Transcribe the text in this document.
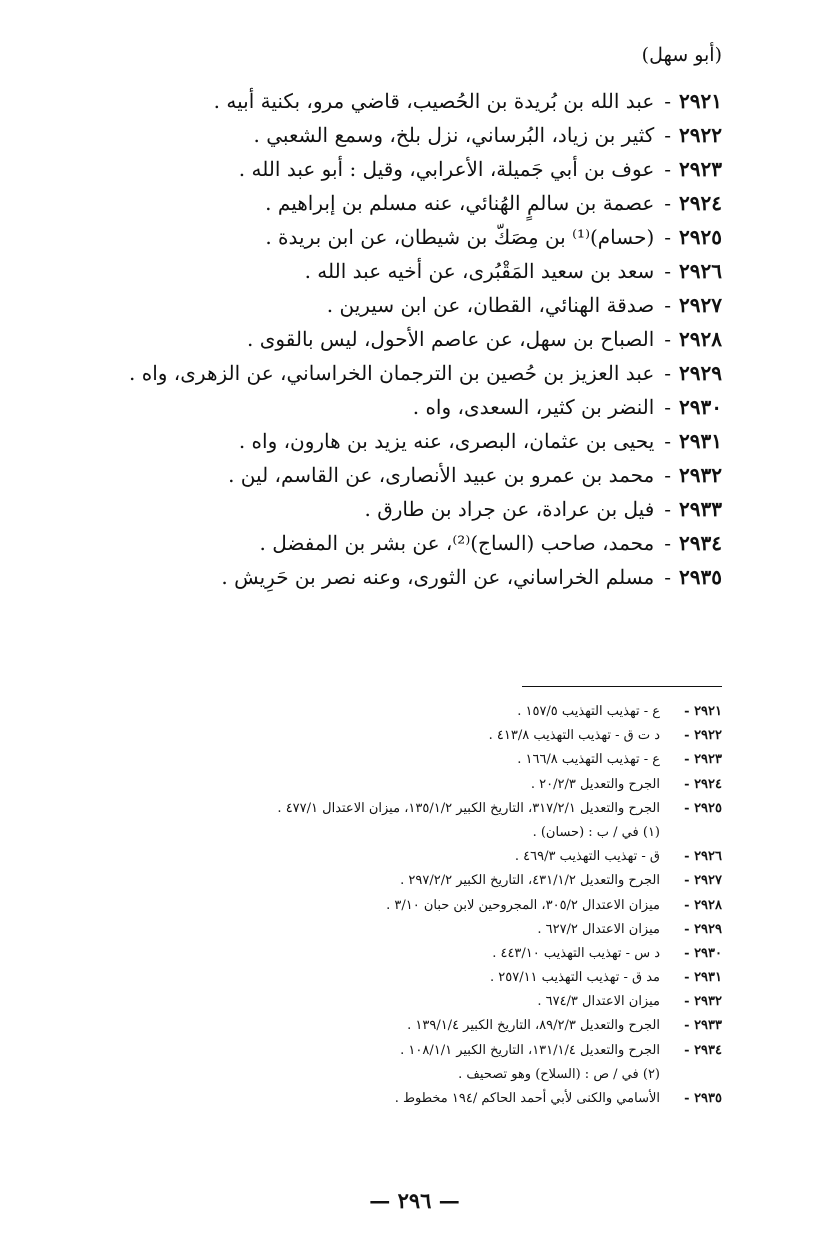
(أبو سهل)
٢٩٢١
-
عبد الله بن بُريدة بن الحُصيب، قاضي مرو، بكنية أبيه .
٢٩٢٢
-
كثير بن زياد، البُرساني، نزل بلخ، وسمع الشعبي .
٢٩٢٣
-
عوف بن أبي جَميلة، الأعرابي، وقيل : أبو عبد الله .
٢٩٢٤
-
عصمة بن سالمٍ الهُنائي، عنه مسلم بن إبراهيم .
٢٩٢٥
-
(حسام)⁽¹⁾ بن مِصَكّ بن شيطان، عن ابن بريدة .
٢٩٢٦
-
سعد بن سعيد المَقْبُرى، عن أخيه عبد الله .
٢٩٢٧
-
صدقة الهنائي، القطان، عن ابن سيرين .
٢٩٢٨
-
الصباح بن سهل، عن عاصم الأحول، ليس بالقوى .
٢٩٢٩
-
عبد العزيز بن حُصين بن الترجمان الخراساني، عن الزهرى، واه .
٢٩٣٠
-
النضر بن كثير، السعدى، واه .
٢٩٣١
-
يحيى بن عثمان، البصرى، عنه يزيد بن هارون، واه .
٢٩٣٢
-
محمد بن عمرو بن عبيد الأنصارى، عن القاسم، لين .
٢٩٣٣
-
فيل بن عرادة، عن جراد بن طارق .
٢٩٣٤
-
محمد، صاحب (الساج)⁽²⁾، عن بشر بن المفضل .
٢٩٣٥
-
مسلم الخراساني، عن الثورى، وعنه نصر بن حَرِيش .
٢٩٢١ -
ع - تهذيب التهذيب ١٥٧/٥ .
٢٩٢٢ -
د ت ق - تهذيب التهذيب ٤١٣/٨ .
٢٩٢٣ -
ع - تهذيب التهذيب ١٦٦/٨ .
٢٩٢٤ -
الجرح والتعديل ٢٠/٢/٣ .
٢٩٢٥ -
الجرح والتعديل ٣١٧/٢/١، التاريخ الكبير ١٣٥/١/٢، ميزان الاعتدال ٤٧٧/١ .
(١) في / ب : (حسان) .
٢٩٢٦ -
ق - تهذيب التهذيب ٤٦٩/٣ .
٢٩٢٧ -
الجرح والتعديل ٤٣١/١/٢، التاريخ الكبير ٢٩٧/٢/٢ .
٢٩٢٨ -
ميزان الاعتدال ٣٠٥/٢، المجروحين لابن حبان ٣/١٠ .
٢٩٢٩ -
ميزان الاعتدال ٦٢٧/٢ .
٢٩٣٠ -
د س - تهذيب التهذيب ٤٤٣/١٠ .
٢٩٣١ -
مد ق - تهذيب التهذيب ٢٥٧/١١ .
٢٩٣٢ -
ميزان الاعتدال ٦٧٤/٣ .
٢٩٣٣ -
الجرح والتعديل ٨٩/٢/٣، التاريخ الكبير ١٣٩/١/٤ .
٢٩٣٤ -
الجرح والتعديل ١٣١/١/٤، التاريخ الكبير ١٠٨/١/١ .
(٢) في / ص : (السلاح) وهو تصحيف .
٢٩٣٥ -
الأسامي والكنى لأبي أحمد الحاكم /١٩٤ مخطوط .
— ٢٩٦ —
